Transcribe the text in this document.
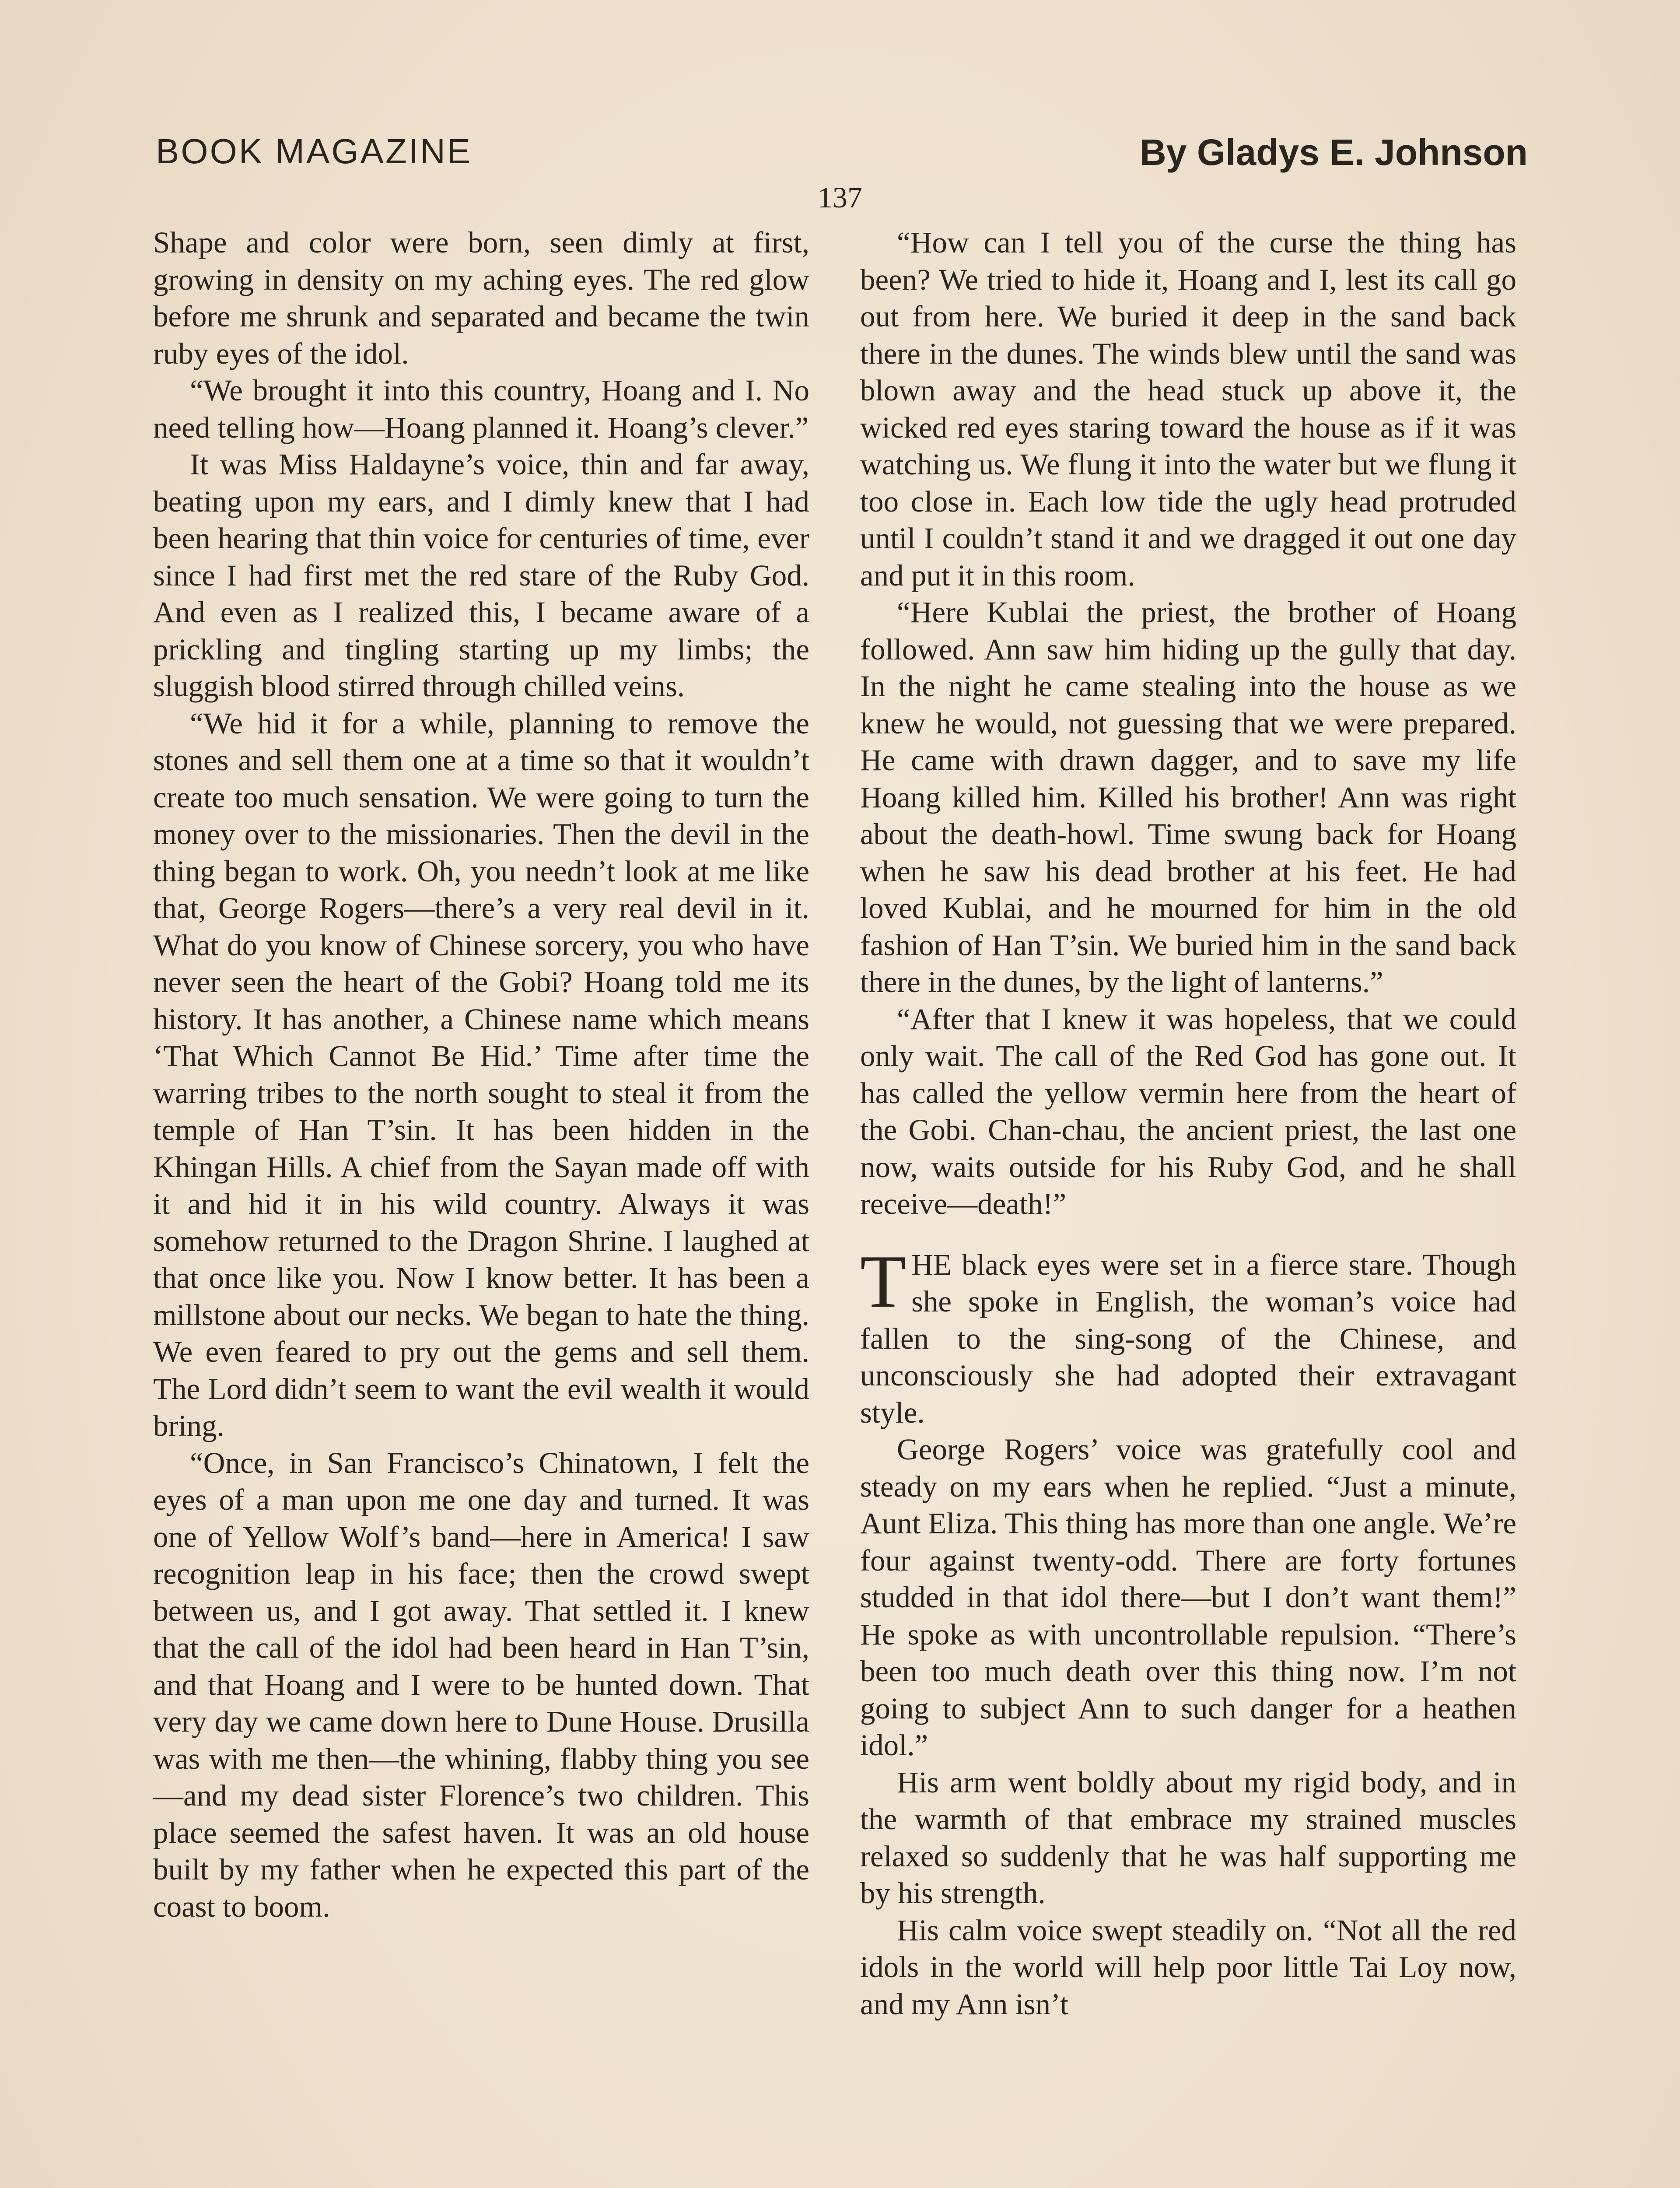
BOOK MAGAZINE	By Gladys E. Johnson
137

Shape and color were born, seen dimly at first, growing in density on my aching eyes. The red glow before me shrunk and separated and became the twin ruby eyes of the idol.

“We brought it into this country, Hoang and I. No need telling how—Hoang planned it. Hoang’s clever.”

It was Miss Haldayne’s voice, thin and far away, beating upon my ears, and I dimly knew that I had been hearing that thin voice for centuries of time, ever since I had first met the red stare of the Ruby God. And even as I realized this, I became aware of a prickling and tingling starting up my limbs; the sluggish blood stirred through chilled veins.

“We hid it for a while, planning to remove the stones and sell them one at a time so that it wouldn’t create too much sensation. We were going to turn the money over to the missionaries. Then the devil in the thing began to work. Oh, you needn’t look at me like that, George Rogers—there’s a very real devil in it. What do you know of Chinese sorcery, you who have never seen the heart of the Gobi? Hoang told me its history. It has another, a Chinese name which means ‘That Which Cannot Be Hid.’ Time after time the warring tribes to the north sought to steal it from the temple of Han T’sin. It has been hidden in the Khingan Hills. A chief from the Sayan made off with it and hid it in his wild country. Always it was somehow returned to the Dragon Shrine. I laughed at that once like you. Now I know better. It has been a millstone about our necks. We began to hate the thing. We even feared to pry out the gems and sell them. The Lord didn’t seem to want the evil wealth it would bring.

“Once, in San Francisco’s Chinatown, I felt the eyes of a man upon me one day and turned. It was one of Yellow Wolf’s band—here in America! I saw recognition leap in his face; then the crowd swept between us, and I got away. That settled it. I knew that the call of the idol had been heard in Han T’sin, and that Hoang and I were to be hunted down. That very day we came down here to Dune House. Drusilla was with me then—the whining, flabby thing you see—and my dead sister Florence’s two children. This place seemed the safest haven. It was an old house built by my father when he expected this part of the coast to boom.

“How can I tell you of the curse the thing has been? We tried to hide it, Hoang and I, lest its call go out from here. We buried it deep in the sand back there in the dunes. The winds blew until the sand was blown away and the head stuck up above it, the wicked red eyes staring toward the house as if it was watching us. We flung it into the water but we flung it too close in. Each low tide the ugly head protruded until I couldn’t stand it and we dragged it out one day and put it in this room.

“Here Kublai the priest, the brother of Hoang followed. Ann saw him hiding up the gully that day. In the night he came stealing into the house as we knew he would, not guessing that we were prepared. He came with drawn dagger, and to save my life Hoang killed him. Killed his brother! Ann was right about the death-howl. Time swung back for Hoang when he saw his dead brother at his feet. He had loved Kublai, and he mourned for him in the old fashion of Han T’sin. We buried him in the sand back there in the dunes, by the light of lanterns.”

“After that I knew it was hopeless, that we could only wait. The call of the Red God has gone out. It has called the yellow vermin here from the heart of the Gobi. Chan-chau, the ancient priest, the last one now, waits outside for his Ruby God, and he shall receive—death!”

THE black eyes were set in a fierce stare. Though she spoke in English, the woman’s voice had fallen to the sing-song of the Chinese, and unconsciously she had adopted their extravagant style.

George Rogers’ voice was gratefully cool and steady on my ears when he replied. “Just a minute, Aunt Eliza. This thing has more than one angle. We’re four against twenty-odd. There are forty fortunes studded in that idol there—but I don’t want them!” He spoke as with uncontrollable repulsion. “There’s been too much death over this thing now. I’m not going to subject Ann to such danger for a heathen idol.”

His arm went boldly about my rigid body, and in the warmth of that embrace my strained muscles relaxed so suddenly that he was half supporting me by his strength.

His calm voice swept steadily on. “Not all the red idols in the world will help poor little Tai Loy now, and my Ann isn’t
